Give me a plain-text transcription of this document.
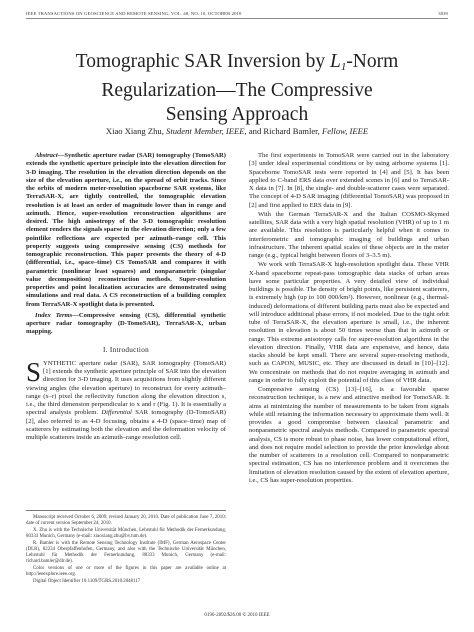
IEEE TRANSACTIONS ON GEOSCIENCE AND REMOTE SENSING, VOL. 48, NO. 10, OCTOBER 2010	3839
Tomographic SAR Inversion by $L_1$-Norm
Regularization—The Compressive
Sensing Approach
Xiao Xiang Zhu, Student Member, IEEE, and Richard Bamler, Fellow, IEEE

Abstract—Synthetic aperture radar (SAR) tomography (TomoSAR) extends the synthetic aperture principle into the elevation direction for 3-D imaging. The resolution in the elevation direction depends on the size of the elevation aperture, i.e., on the spread of orbit tracks. Since the orbits of modern meter-resolution spaceborne SAR systems, like TerraSAR-X, are tightly controlled, the tomographic elevation resolution is at least an order of magnitude lower than in range and azimuth. Hence, super-resolution reconstruction algorithms are desired. The high anisotropy of the 3-D tomographic resolution element renders the signals sparse in the elevation direction; only a few pointlike reflections are expected per azimuth–range cell. This property suggests using compressive sensing (CS) methods for tomographic reconstruction. This paper presents the theory of 4-D (differential, i.e., space–time) CS TomoSAR and compares it with parametric (nonlinear least squares) and nonparametric (singular value decomposition) reconstruction methods. Super-resolution properties and point localization accuracies are demonstrated using simulations and real data. A CS reconstruction of a building complex from TerraSAR-X spotlight data is presented.

Index Terms—Compressive sensing (CS), differential synthetic aperture radar tomography (D-TomoSAR), TerraSAR-X, urban mapping.

I. Introduction

SYNTHETIC aperture radar (SAR), SAR tomography (TomoSAR) [1] extends the synthetic aperture principle of SAR into the elevation direction for 3-D imaging. It uses acquisitions from slightly different viewing angles (the elevation aperture) to reconstruct for every azimuth–range (x–r) pixel the reflectivity function along the elevation direction s, i.e., the third dimension perpendicular to x and r (Fig. 1). It is essentially a spectral analysis problem. Differential SAR tomography (D-TomoSAR) [2], also referred to as 4-D focusing, obtains a 4-D (space–time) map of scatterers by estimating both the elevation and the deformation velocity of multiple scatterers inside an azimuth–range resolution cell.

Manuscript received October 6, 2009; revised January 20, 2010. Date of publication June 7, 2010; date of current version September 24, 2010.

X. Zhu is with the Technische Universität München, Lehrstuhl für Methodik der Fernerkundung, 80333 Munich, Germany (e-mail: xiaoxiang.zhu@bv.tum.de).

R. Bamler is with the Remote Sensing Technology Institute (IMF), German Aerospace Center (DLR), 82234 Oberpfaffenhofen, Germany, and also with the Technische Universität München, Lehrstuhl für Methodik der Fernerkundung, 80333 Munich, Germany (e-mail: richard.bamler@dlr.de).

Color versions of one or more of the figures in this paper are available online at http://ieeexplore.ieee.org.

Digital Object Identifier 10.1109/TGRS.2010.2048117

The first experiments in TomoSAR were carried out in the laboratory [3] under ideal experimental conditions or by using airborne systems [1]. Spaceborne TomoSAR tests were reported in [4] and [5]. It has been applied to C-band ERS data over extended scenes in [6] and to TerraSAR-X data in [7]. In [8], the single- and double-scatterer cases were separated. The concept of 4-D SAR imaging (differential TomoSAR) was proposed in [2] and first applied to ERS data in [9].

With the German TerraSAR-X and the Italian COSMO-Skymed satellites, SAR data with a very high spatial resolution (VHR) of up to 1 m are available. This resolution is particularly helpful when it comes to interferometric and tomographic imaging of buildings and urban infrastructure. The inherent spatial scales of these objects are in the meter range (e.g., typical height between floors of 3–3.5 m).

We work with TerraSAR-X high-resolution spotlight data. These VHR X-band spaceborne repeat-pass tomographic data stacks of urban areas have some particular properties. A very detailed view of individual buildings is possible. The density of bright points, like persistent scatterers, is extremely high (up to 100 000/km²). However, nonlinear (e.g., thermal-induced) deformations of different building parts must also be expected and will introduce additional phase errors, if not modeled. Due to the tight orbit tube of TerraSAR-X, the elevation aperture is small, i.e., the inherent resolution in elevation is about 50 times worse than that in azimuth or range. This extreme anisotropy calls for super-resolution algorithms in the elevation direction. Finally, VHR data are expensive, and hence, data stacks should be kept small. There are several super-resolving methods, such as CAPON, MUSIC, etc. They are discussed in detail in [10]–[12]. We concentrate on methods that do not require averaging in azimuth and range in order to fully exploit the potential of this class of VHR data.

Compressive sensing (CS) [13]–[16], is a favorable sparse reconstruction technique, is a new and attractive method for TomoSAR. It aims at minimizing the number of measurements to be taken from signals while still retaining the information necessary to approximate them well. It provides a good compromise between classical parametric and nonparametric spectral analysis methods. Compared to parametric spectral analysis, CS is more robust to phase noise, has lower computational effort, and does not require model selection to provide the prior knowledge about the number of scatterers in a resolution cell. Compared to nonparametric spectral estimation, CS has no interference problem and it overcomes the limitation of elevation resolution caused by the extent of elevation aperture, i.e., CS has super-resolution properties.

0196-2892/$26.00 © 2010 IEEE
